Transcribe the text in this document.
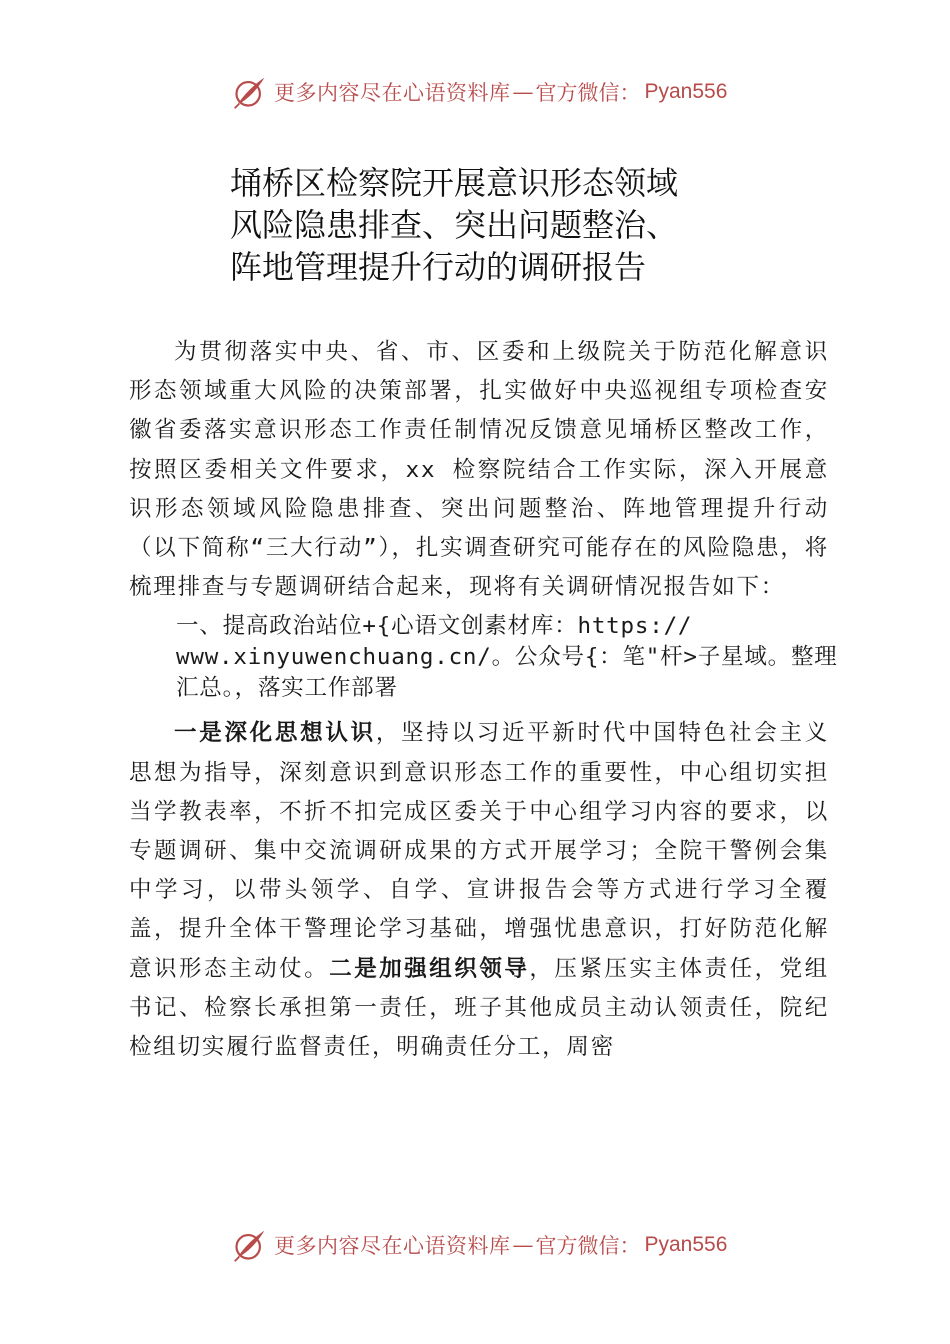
更多内容尽在心语资料库 — 官方微信： Pyan556
埇桥区检察院开展意识形态领域
风险隐患排查、突出问题整治、
阵地管理提升行动的调研报告

为贯彻落实中央、省、市、区委和上级院关于防范化解意识形态领域重大风险的决策部署，扎实做好中央巡视组专项检查安徽省委落实意识形态工作责任制情况反馈意见埇桥区整改工作，按照区委相关文件要求，xx 检察院结合工作实际，深入开展意识形态领域风险隐患排查、突出问题整治、阵地管理提升行动（以下简称“三大行动”），扎实调查研究可能存在的风险隐患，将梳理排查与专题调研结合起来，现将有关调研情况报告如下：

一、提高政治站位+{心语文创素材库：https://
www.xinyuwenchuang.cn/。公众号{：笔"杆>子星域。整理
汇总。，落实工作部署

一是深化思想认识，坚持以习近平新时代中国特色社会主义思想为指导，深刻意识到意识形态工作的重要性，中心组切实担当学教表率，不折不扣完成区委关于中心组学习内容的要求，以专题调研、集中交流调研成果的方式开展学习；全院干警例会集中学习，以带头领学、自学、宣讲报告会等方式进行学习全覆盖，提升全体干警理论学习基础，增强忧患意识，打好防范化解意识形态主动仗。二是加强组织领导，压紧压实主体责任，党组书记、检察长承担第一责任，班子其他成员主动认领责任，院纪检组切实履行监督责任，明确责任分工，周密

更多内容尽在心语资料库 — 官方微信： Pyan556
